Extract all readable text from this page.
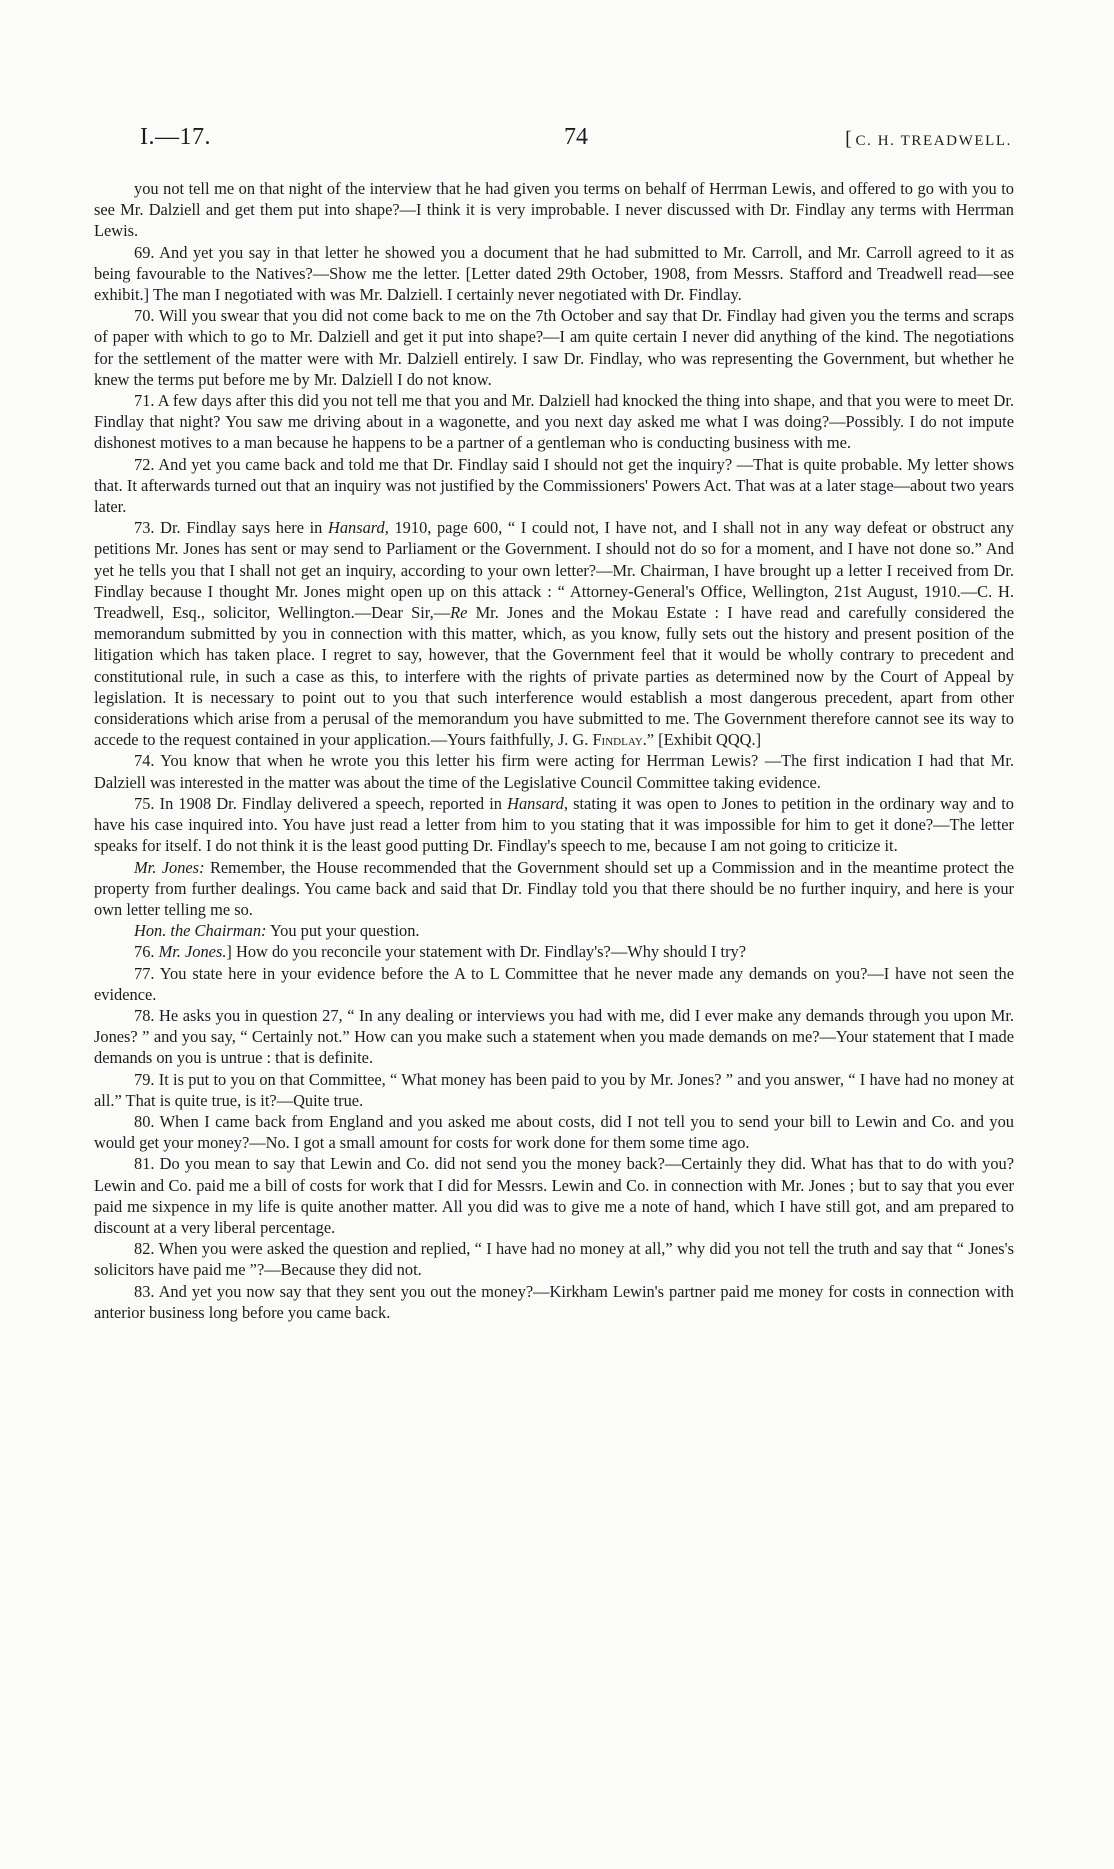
I.—17.	74	[ C. H. TREADWELL.

you not tell me on that night of the interview that he had given you terms on behalf of Herrman Lewis, and offered to go with you to see Mr. Dalziell and get them put into shape?—I think it is very improbable. I never discussed with Dr. Findlay any terms with Herrman Lewis.

69. And yet you say in that letter he showed you a document that he had submitted to Mr. Carroll, and Mr. Carroll agreed to it as being favourable to the Natives?—Show me the letter. [Letter dated 29th October, 1908, from Messrs. Stafford and Treadwell read—see exhibit.] The man I negotiated with was Mr. Dalziell. I certainly never negotiated with Dr. Findlay.

70. Will you swear that you did not come back to me on the 7th October and say that Dr. Findlay had given you the terms and scraps of paper with which to go to Mr. Dalziell and get it put into shape?—I am quite certain I never did anything of the kind. The negotiations for the settlement of the matter were with Mr. Dalziell entirely. I saw Dr. Findlay, who was representing the Government, but whether he knew the terms put before me by Mr. Dalziell I do not know.

71. A few days after this did you not tell me that you and Mr. Dalziell had knocked the thing into shape, and that you were to meet Dr. Findlay that night? You saw me driving about in a wagonette, and you next day asked me what I was doing?—Possibly. I do not impute dishonest motives to a man because he happens to be a partner of a gentleman who is conducting business with me.

72. And yet you came back and told me that Dr. Findlay said I should not get the inquiry? —That is quite probable. My letter shows that. It afterwards turned out that an inquiry was not justified by the Commissioners' Powers Act. That was at a later stage—about two years later.

73. Dr. Findlay says here in Hansard, 1910, page 600, “ I could not, I have not, and I shall not in any way defeat or obstruct any petitions Mr. Jones has sent or may send to Parliament or the Government. I should not do so for a moment, and I have not done so.” And yet he tells you that I shall not get an inquiry, according to your own letter?—Mr. Chairman, I have brought up a letter I received from Dr. Findlay because I thought Mr. Jones might open up on this attack : “ Attorney-General's Office, Wellington, 21st August, 1910.—C. H. Treadwell, Esq., solicitor, Wellington.—Dear Sir,—Re Mr. Jones and the Mokau Estate : I have read and carefully considered the memorandum submitted by you in connection with this matter, which, as you know, fully sets out the history and present position of the litigation which has taken place. I regret to say, however, that the Government feel that it would be wholly contrary to precedent and constitutional rule, in such a case as this, to interfere with the rights of private parties as determined now by the Court of Appeal by legislation. It is necessary to point out to you that such interference would establish a most dangerous precedent, apart from other considerations which arise from a perusal of the memorandum you have submitted to me. The Government therefore cannot see its way to accede to the request contained in your application.—Yours faithfully, J. G. Findlay.” [Exhibit QQQ.]

74. You know that when he wrote you this letter his firm were acting for Herrman Lewis? —The first indication I had that Mr. Dalziell was interested in the matter was about the time of the Legislative Council Committee taking evidence.

75. In 1908 Dr. Findlay delivered a speech, reported in Hansard, stating it was open to Jones to petition in the ordinary way and to have his case inquired into. You have just read a letter from him to you stating that it was impossible for him to get it done?—The letter speaks for itself. I do not think it is the least good putting Dr. Findlay's speech to me, because I am not going to criticize it.

Mr. Jones: Remember, the House recommended that the Government should set up a Commission and in the meantime protect the property from further dealings. You came back and said that Dr. Findlay told you that there should be no further inquiry, and here is your own letter telling me so.

Hon. the Chairman: You put your question.

76. Mr. Jones.] How do you reconcile your statement with Dr. Findlay's?—Why should I try?

77. You state here in your evidence before the A to L Committee that he never made any demands on you?—I have not seen the evidence.

78. He asks you in question 27, “ In any dealing or interviews you had with me, did I ever make any demands through you upon Mr. Jones? ” and you say, “ Certainly not.” How can you make such a statement when you made demands on me?—Your statement that I made demands on you is untrue : that is definite.

79. It is put to you on that Committee, “ What money has been paid to you by Mr. Jones? ” and you answer, “ I have had no money at all.” That is quite true, is it?—Quite true.

80. When I came back from England and you asked me about costs, did I not tell you to send your bill to Lewin and Co. and you would get your money?—No. I got a small amount for costs for work done for them some time ago.

81. Do you mean to say that Lewin and Co. did not send you the money back?—Certainly they did. What has that to do with you? Lewin and Co. paid me a bill of costs for work that I did for Messrs. Lewin and Co. in connection with Mr. Jones ; but to say that you ever paid me sixpence in my life is quite another matter. All you did was to give me a note of hand, which I have still got, and am prepared to discount at a very liberal percentage.

82. When you were asked the question and replied, “ I have had no money at all,” why did you not tell the truth and say that “ Jones's solicitors have paid me ”?—Because they did not.

83. And yet you now say that they sent you out the money?—Kirkham Lewin's partner paid me money for costs in connection with anterior business long before you came back.
